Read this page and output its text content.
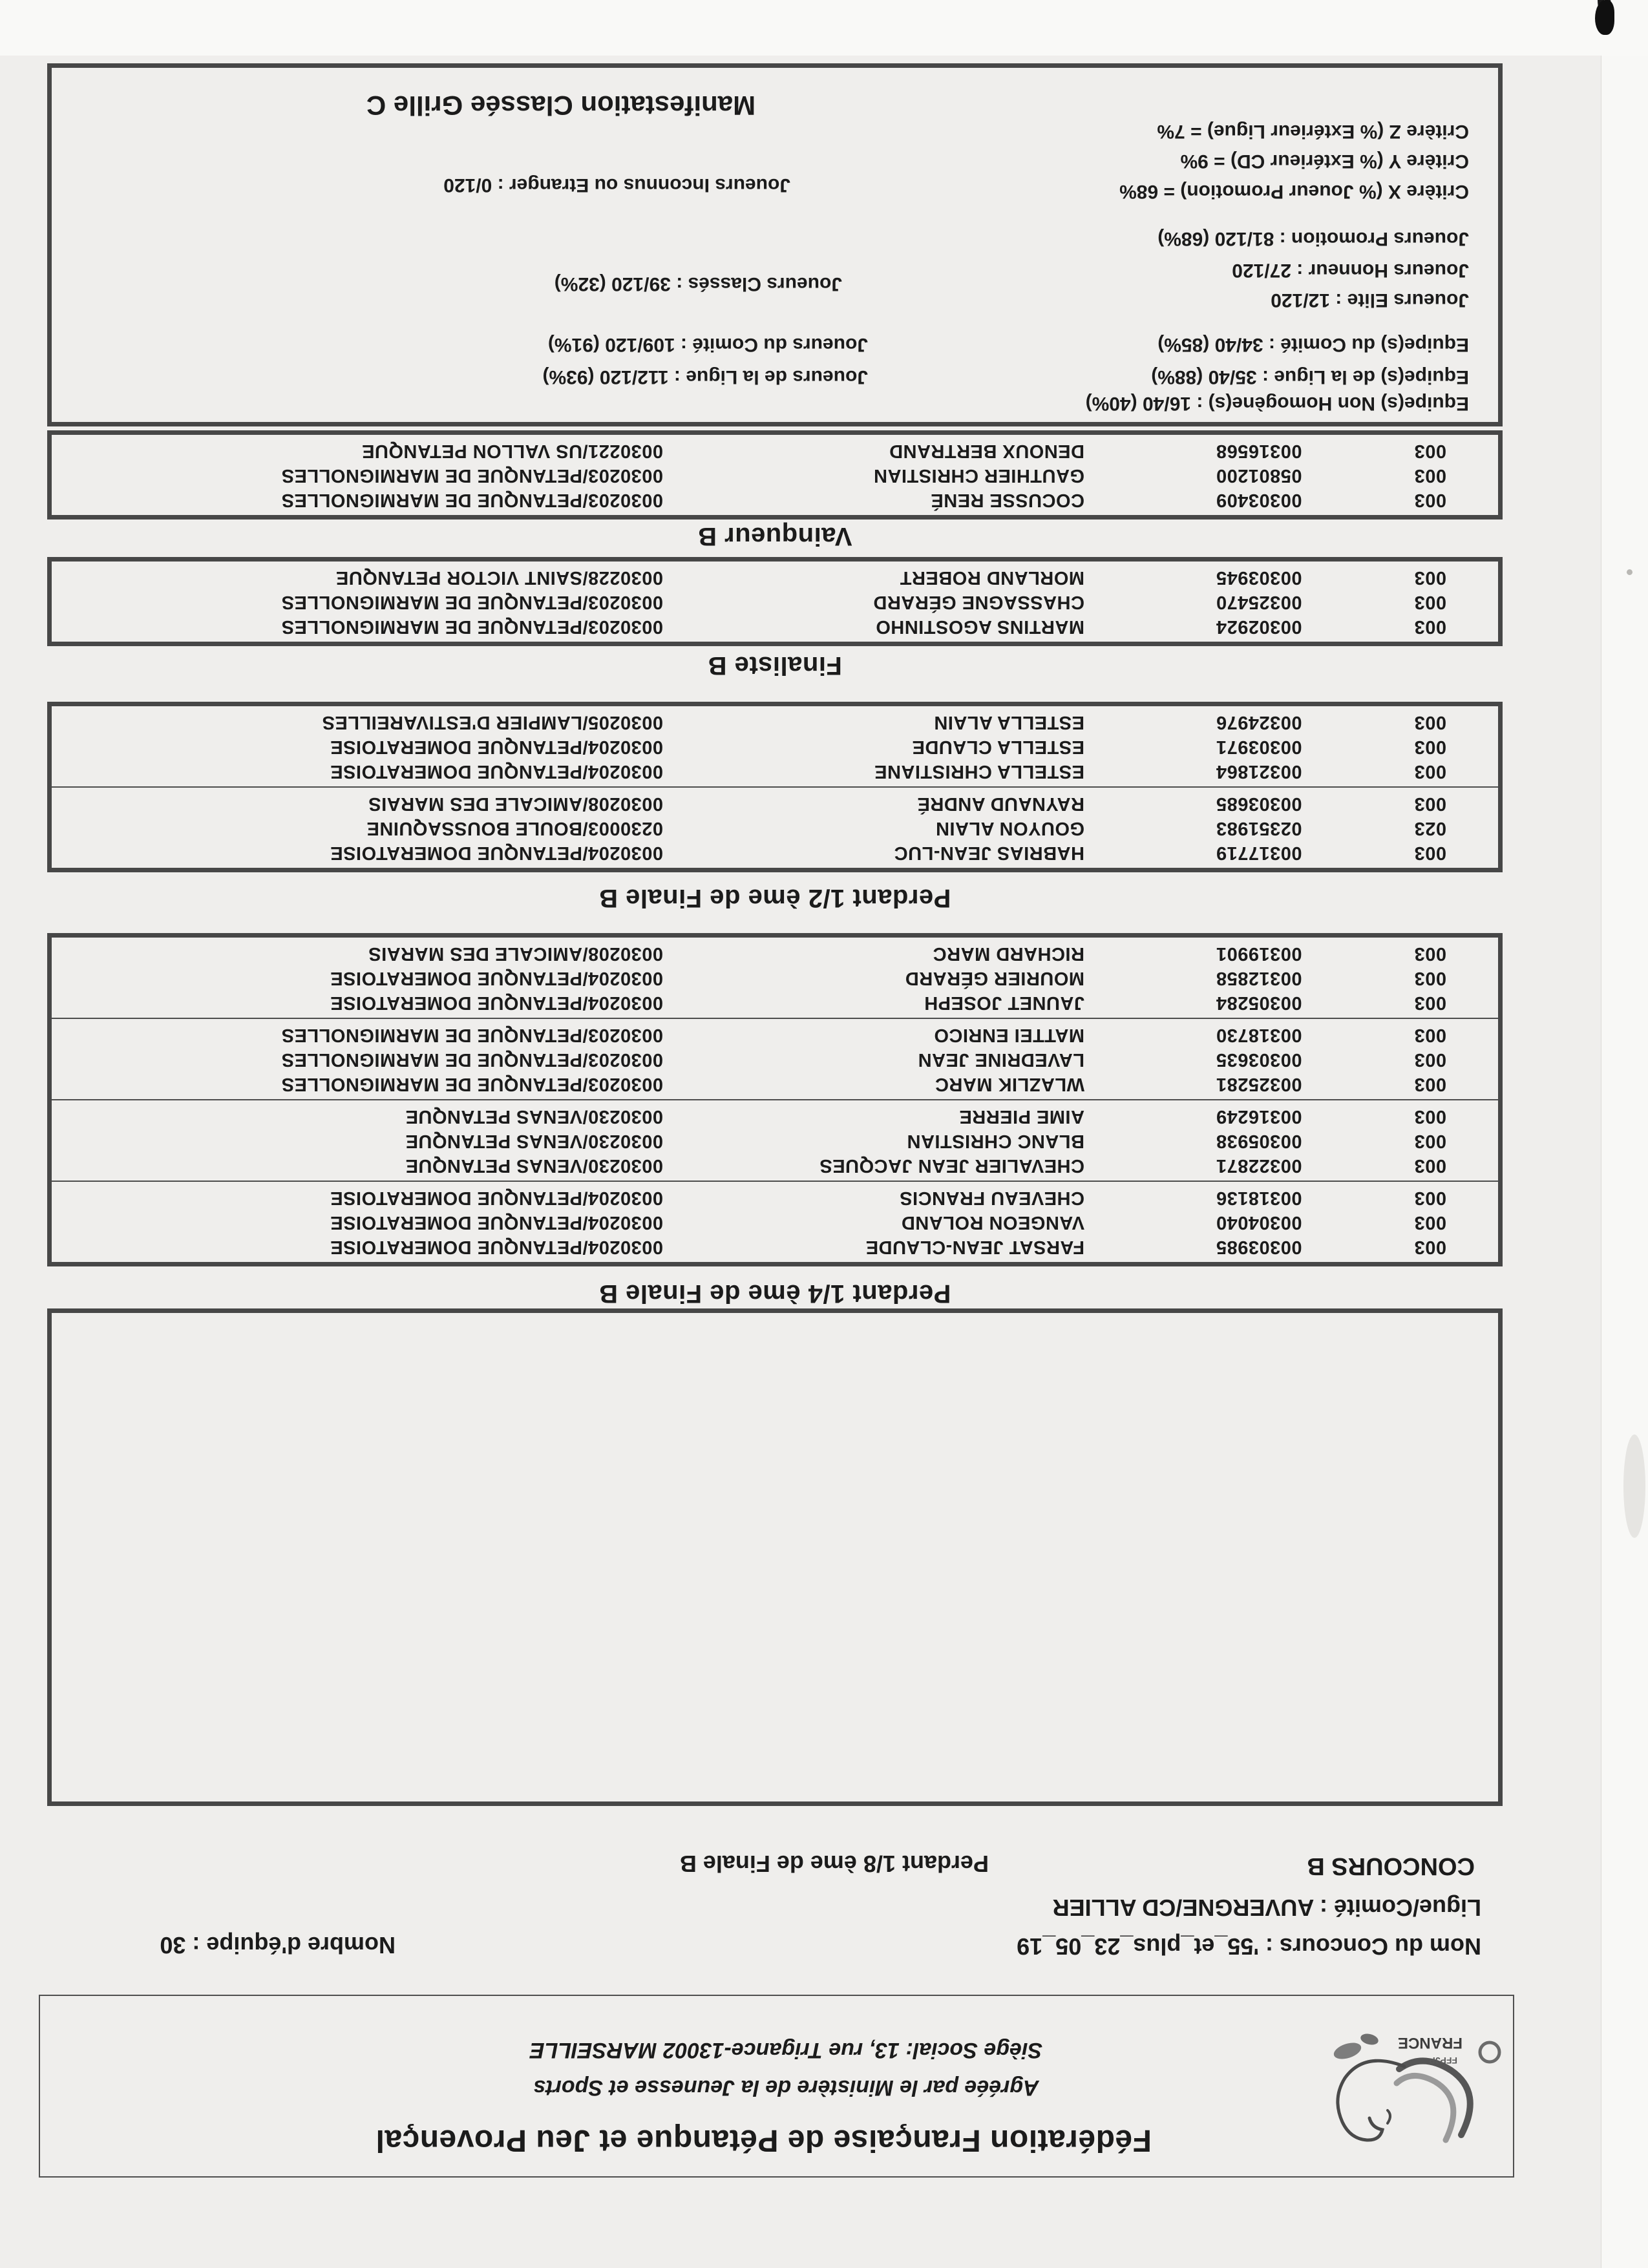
FFPJP
FRANCE
Fédération Française de Pétanque et Jeu Provençal
Agréée par le Ministère de la Jeunesse et Sports
Siège Social: 13, rue Trigance-13002 MARSEILLE
Nom du Concours : '55_et_plus_23_05_19
Ligue/Comité : AUVERGNE/CD ALLIER
Nombre d'équipe : 30
CONCOURS B
Perdant 1/8 ème de Finale B
Perdant 1/4 ème de Finale B
003
00303985
FARSAT JEAN-CLAUDE
0030204/PETANQUE DOMERATOISE
003
00304040
VANGEON ROLAND
0030204/PETANQUE DOMERATOISE
003
00318136
CHEVEAU FRANCIS
0030204/PETANQUE DOMERATOISE
003
00322871
CHEVALIER JEAN JACQUES
0030230/VENAS PETANQUE
003
00305938
BLANC CHRISTIAN
0030230/VENAS PETANQUE
003
00316249
AIME PIERRE
0030230/VENAS PETANQUE
003
00325281
WLAZLIK MARC
0030203/PETANQUE DE MARMIGNOLLES
003
00303635
LAVEDRINE JEAN
0030203/PETANQUE DE MARMIGNOLLES
003
00318730
MATTEI ENRICO
0030203/PETANQUE DE MARMIGNOLLES
003
00305284
JAUNET JOSEPH
0030204/PETANQUE DOMERATOISE
003
00312858
MOURIER GÉRARD
0030204/PETANQUE DOMERATOISE
003
00319901
RICHARD MARC
0030208/AMICALE DES MARAIS
Perdant 1/2 ème de Finale B
003
00317719
HABRIAS JEAN-LUC
0030204/PETANQUE DOMERATOISE
023
02351983
GOUYON ALAIN
0230003/BOULE BOUSSAQUINE
003
00303685
RAYNAUD ANDRÉ
0030208/AMICALE DES MARAIS
003
00321864
ESTELLA CHRISTIANE
0030204/PETANQUE DOMERATOISE
003
00303971
ESTELLA CLAUDE
0030204/PETANQUE DOMERATOISE
003
00324976
ESTELLA ALAIN
0030205/LAMPIER D'ESTIVAREILLES
Finaliste B
003
00302924
MARTINS AGOSTINHO
0030203/PETANQUE DE MARMIGNOLLES
003
00325470
CHASSAGNE GÉRARD
0030203/PETANQUE DE MARMIGNOLLES
003
00303945
MORLAND ROBERT
0030228/SAINT VICTOR PETANQUE
Vainqueur B
003
00303409
COCUSSE RENÉ
0030203/PETANQUE DE MARMIGNOLLES
003
05801200
GAUTHIER CHRISTIAN
0030203/PETANQUE DE MARMIGNOLLES
003
00316568
DENOUX BERTRAND
0030221/US VALLON PETANQUE
Equipe(s) Non Homogène(s) : 16/40 (40%)
Equipe(s) de la Ligue : 35/40 (88%)
Joueurs de la Ligue : 112/120 (93%)
Equipe(s) du Comité : 34/40 (85%)
Joueurs du Comité : 109/120 (91%)
Joueurs Elite : 12/120
Joueurs Classés : 39/120 (32%)
Joueurs Honneur : 27/120
Joueurs Promotion : 81/120 (68%)
Critère X (% Joueur Promotion) = 68%
Joueurs Inconnus ou Etranger : 0/120
Critère Y (% Extérieur CD) = 9%
Critère Z (% Extérieur Ligue) = 7%
Manifestation Classée Grille C
